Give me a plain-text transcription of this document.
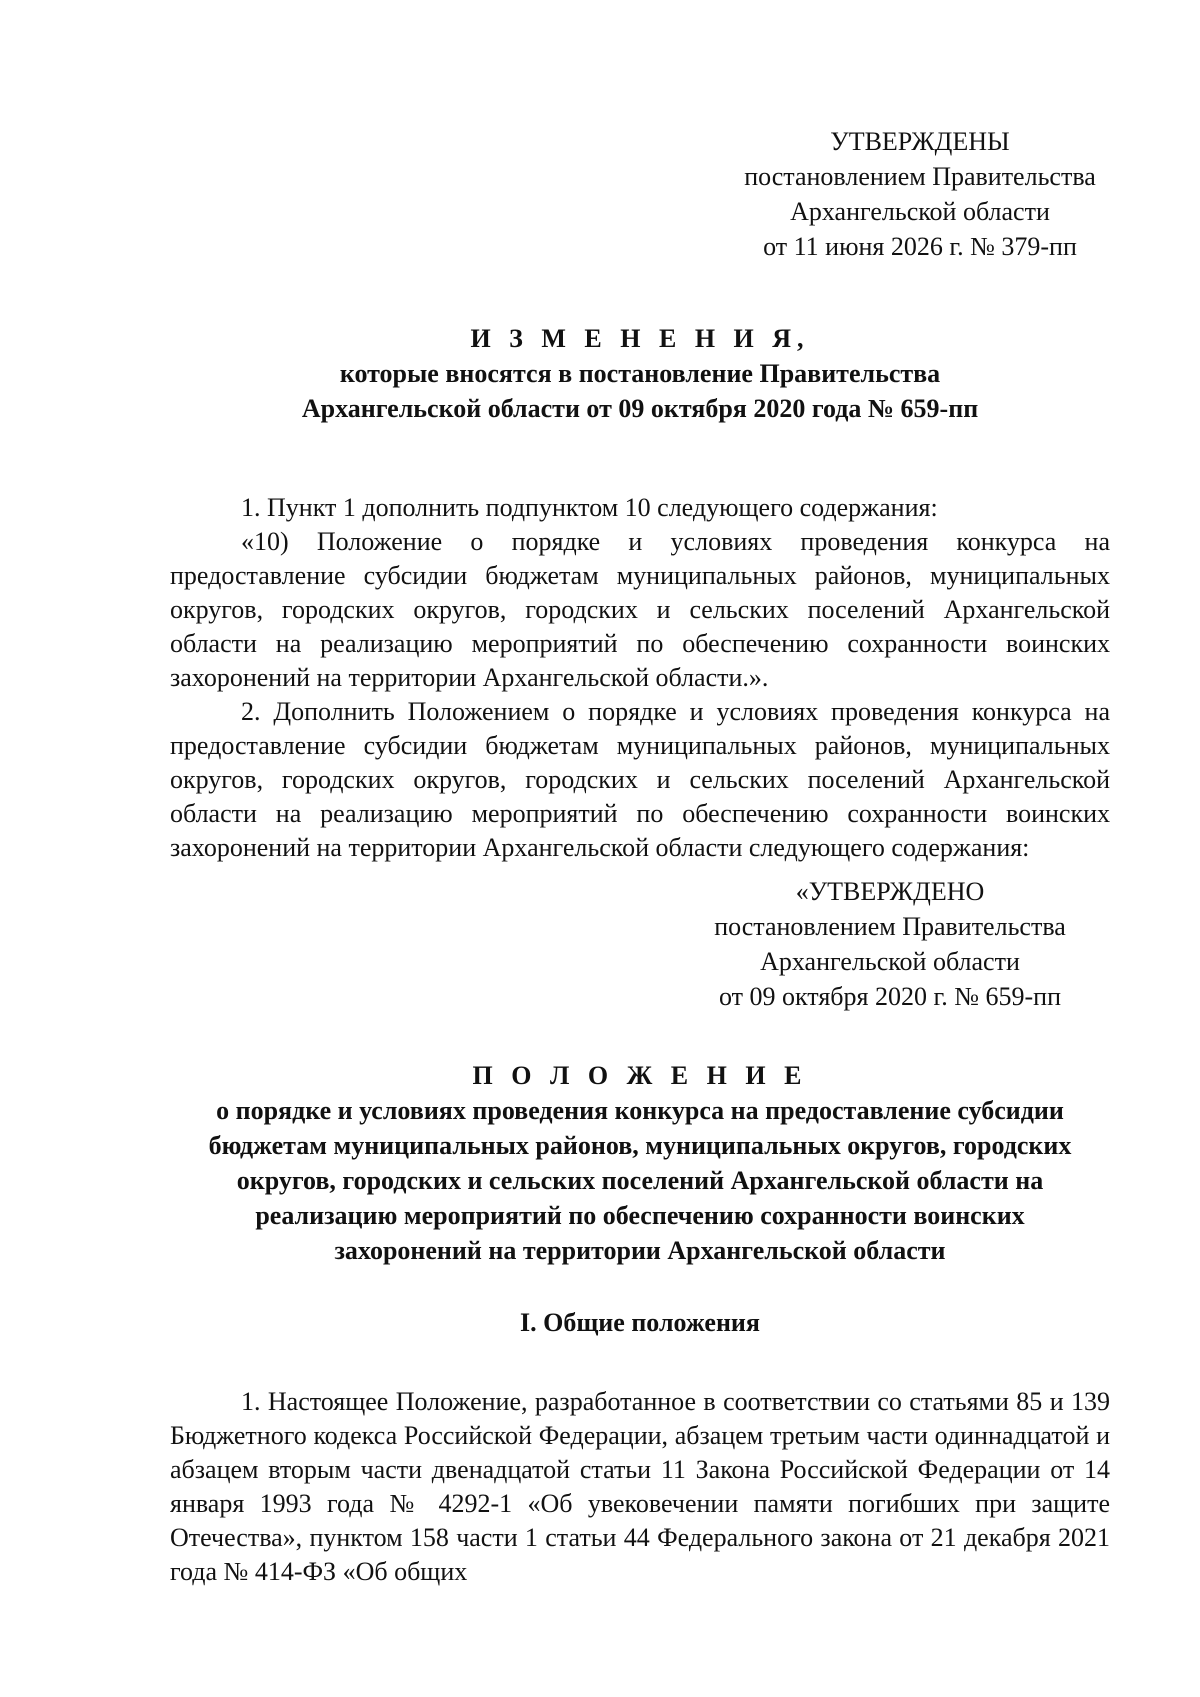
УТВЕРЖДЕНЫ
постановлением Правительства
Архангельской области
от 11 июня 2026 г. № 379-пп
И З М Е Н Е Н И Я,
которые вносятся в постановление Правительства
Архангельской области от 09 октября 2020 года № 659-пп

1. Пункт 1 дополнить подпунктом 10 следующего содержания:

«10) Положение о порядке и условиях проведения конкурса на предоставление субсидии бюджетам муниципальных районов, муниципальных округов, городских округов, городских и сельских поселений Архангельской области на реализацию мероприятий по обеспечению сохранности воинских захоронений на территории Архангельской области.».

2. Дополнить Положением о порядке и условиях проведения конкурса на предоставление субсидии бюджетам муниципальных районов, муниципальных округов, городских округов, городских и сельских поселений Архангельской области на реализацию мероприятий по обеспечению сохранности воинских захоронений на территории Архангельской области следующего содержания:

«УТВЕРЖДЕНО
постановлением Правительства
Архангельской области
от 09 октября 2020 г. № 659-пп
П О Л О Ж Е Н И Е
о порядке и условиях проведения конкурса на предоставление субсидии
бюджетам муниципальных районов, муниципальных округов, городских
округов, городских и сельских поселений Архангельской области на
реализацию мероприятий по обеспечению сохранности воинских
захоронений на территории Архангельской области
I. Общие положения

1. Настоящее Положение, разработанное в соответствии со статьями 85 и 139 Бюджетного кодекса Российской Федерации, абзацем третьим части одиннадцатой и абзацем вторым части двенадцатой статьи 11 Закона Российской Федерации от 14 января 1993 года № 4292-1 «Об увековечении памяти погибших при защите Отечества», пунктом 158 части 1 статьи 44 Федерального закона от 21 декабря 2021 года № 414-ФЗ «Об общих
